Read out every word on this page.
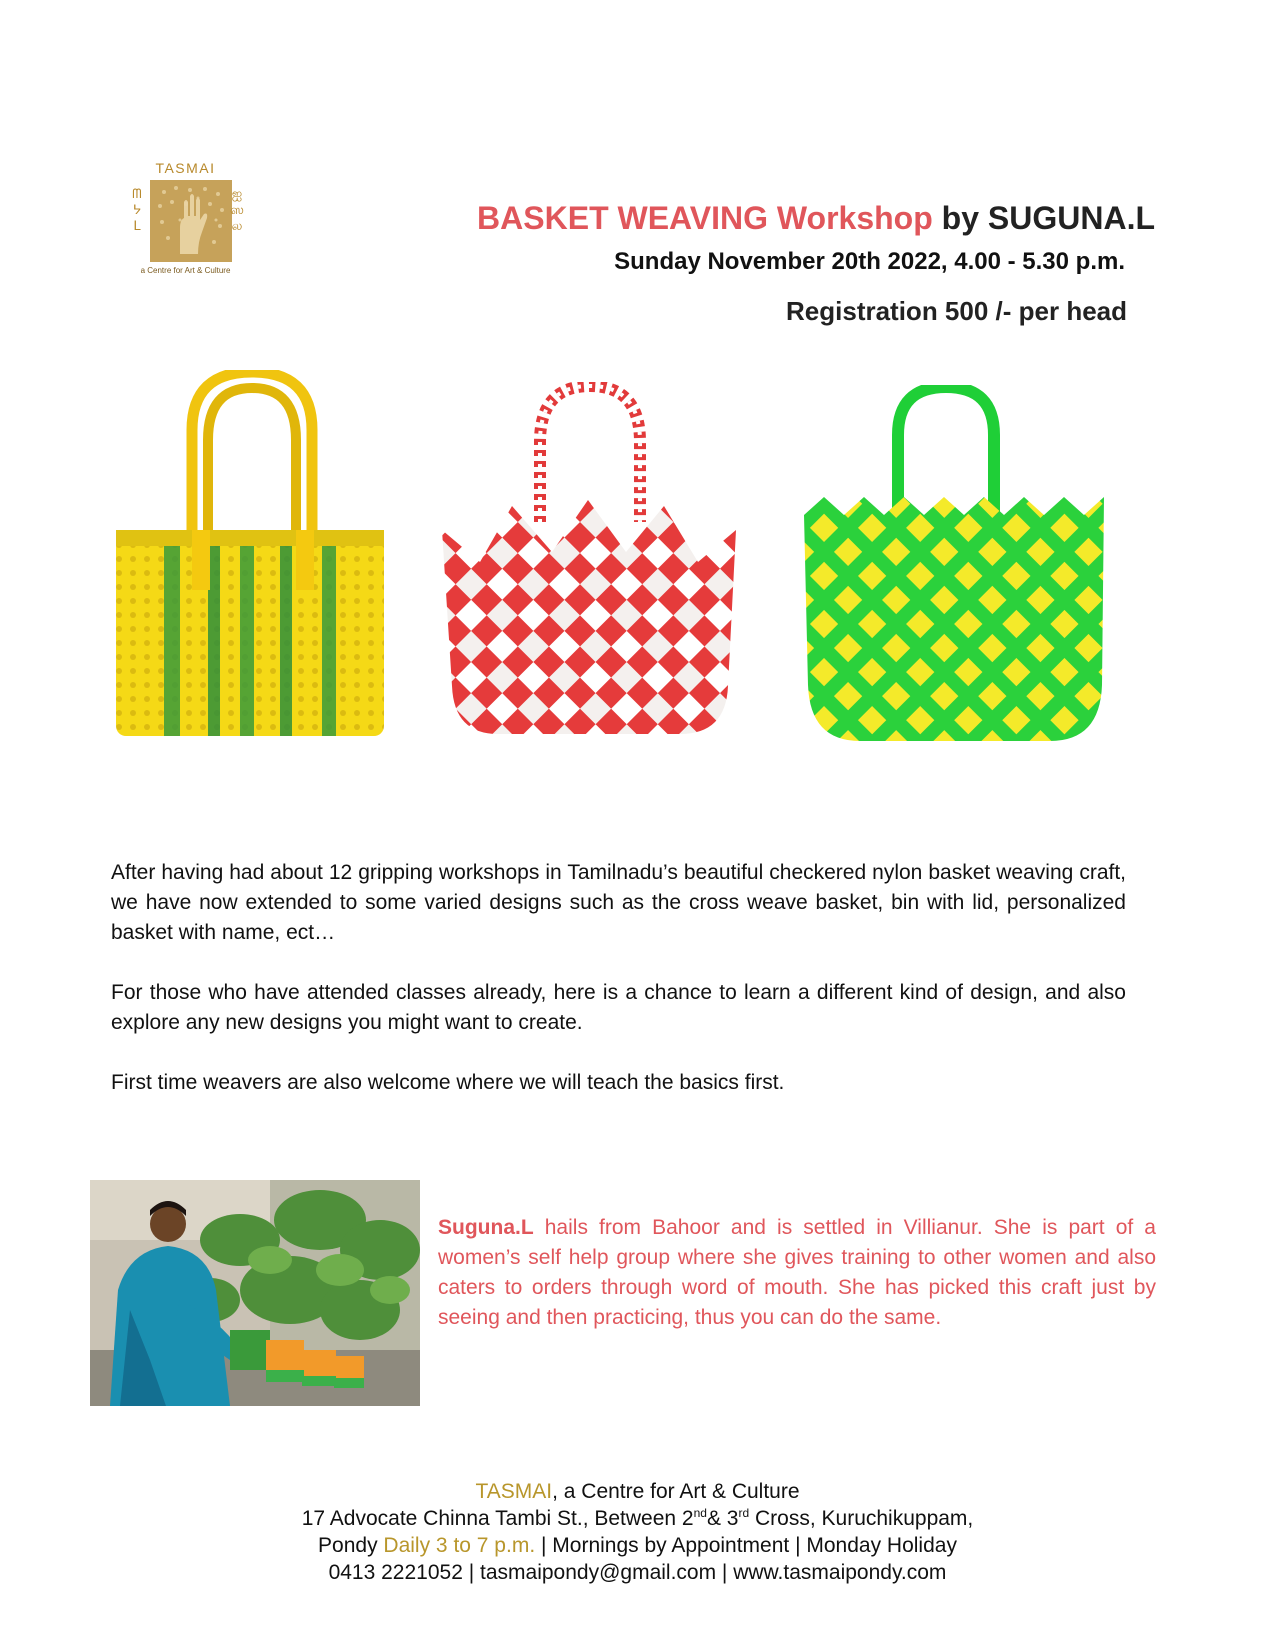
TASMAI
ᗰ
ᔭ
ᒪ
ஐ
ஸ
ல
a Centre for Art & Culture
BASKET WEAVING Workshop by SUGUNA.L
Sunday November 20th 2022, 4.00 - 5.30 p.m.
Registration 500 /- per head
After having had about 12 gripping workshops in Tamilnadu’s beautiful checkered nylon basket weaving craft, we have now extended to some varied designs such as the cross weave basket, bin with lid, personalized basket with name, ect…
For those who have attended classes already, here is a chance to learn a different kind of design, and also explore any new designs you might want to create.
First time weavers are also welcome where we will teach the basics first.
Suguna.L hails from Bahoor and is settled in Villianur. She is part of a women’s self help group where she gives training to other women and also caters to orders through word of mouth. She has picked this craft just by seeing and then practicing, thus you can do the same.
TASMAI, a Centre for Art & Culture
17 Advocate Chinna Tambi St., Between 2nd& 3rd Cross, Kuruchikuppam,
Pondy Daily 3 to 7 p.m. | Mornings by Appointment | Monday Holiday
0413 2221052 | tasmaipondy@gmail.com | www.tasmaipondy.com
